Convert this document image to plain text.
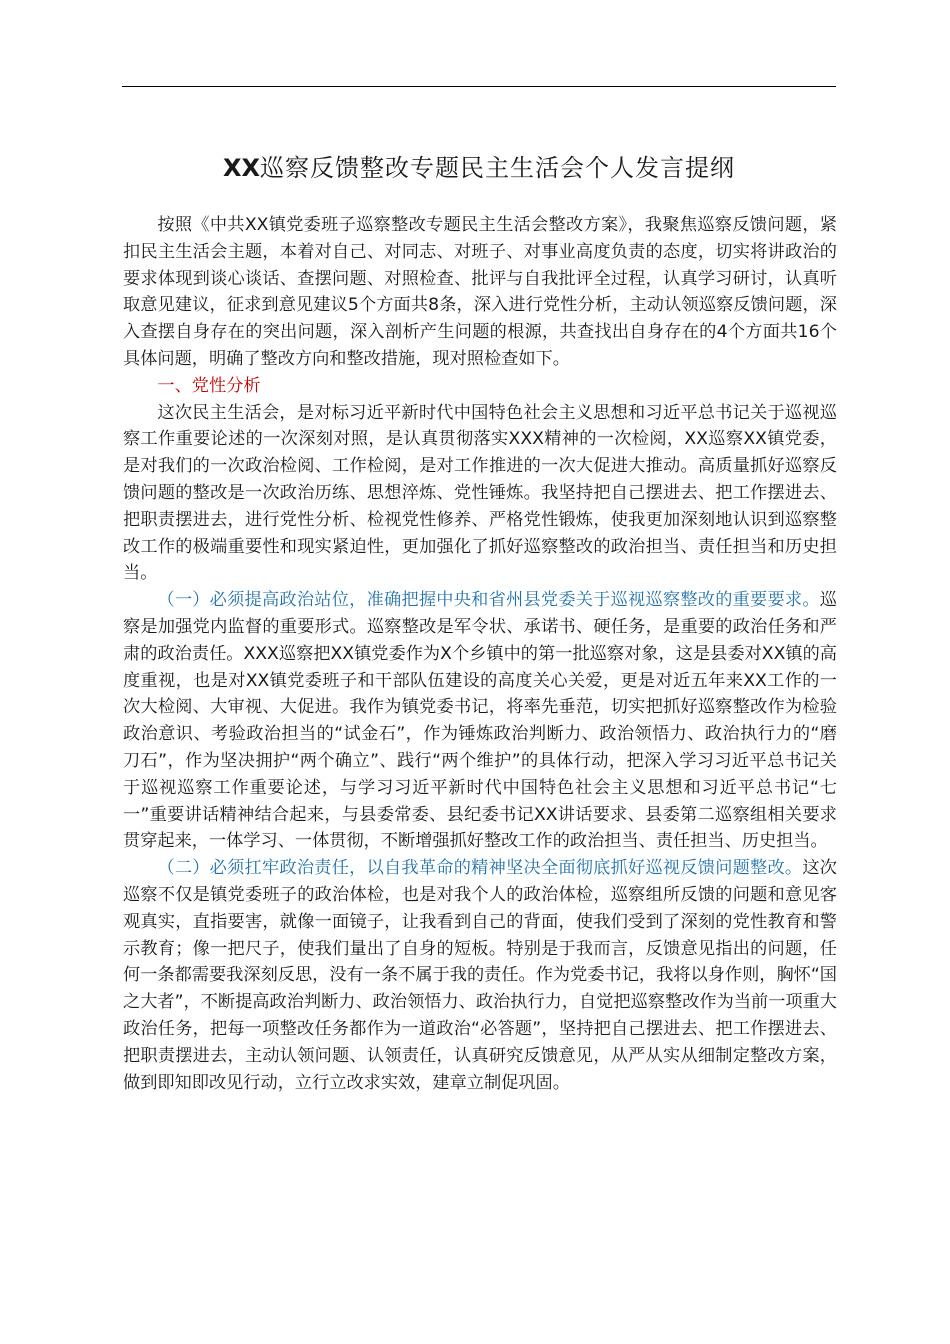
XX巡察反馈整改专题民主生活会个人发言提纲

按照《中共XX镇党委班子巡察整改专题民主生活会整改方案》，我聚焦巡察反馈问题，紧扣民主生活会主题，本着对自己、对同志、对班子、对事业高度负责的态度，切实将讲政治的要求体现到谈心谈话、查摆问题、对照检查、批评与自我批评全过程，认真学习研讨，认真听取意见建议，征求到意见建议5个方面共8条，深入进行党性分析，主动认领巡察反馈问题，深入查摆自身存在的突出问题，深入剖析产生问题的根源，共查找出自身存在的4个方面共16个具体问题，明确了整改方向和整改措施，现对照检查如下。

一、党性分析

这次民主生活会，是对标习近平新时代中国特色社会主义思想和习近平总书记关于巡视巡察工作重要论述的一次深刻对照，是认真贯彻落实XXX精神的一次检阅，XX巡察XX镇党委，是对我们的一次政治检阅、工作检阅，是对工作推进的一次大促进大推动。高质量抓好巡察反馈问题的整改是一次政治历练、思想淬炼、党性锤炼。我坚持把自己摆进去、把工作摆进去、把职责摆进去，进行党性分析、检视党性修养、严格党性锻炼，使我更加深刻地认识到巡察整改工作的极端重要性和现实紧迫性，更加强化了抓好巡察整改的政治担当、责任担当和历史担当。

（一）必须提高政治站位，准确把握中央和省州县党委关于巡视巡察整改的重要要求。巡察是加强党内监督的重要形式。巡察整改是军令状、承诺书、硬任务，是重要的政治任务和严肃的政治责任。XXX巡察把XX镇党委作为X个乡镇中的第一批巡察对象，这是县委对XX镇的高度重视，也是对XX镇党委班子和干部队伍建设的高度关心关爱，更是对近五年来XX工作的一次大检阅、大审视、大促进。我作为镇党委书记，将率先垂范，切实把抓好巡察整改作为检验政治意识、考验政治担当的“试金石”，作为锤炼政治判断力、政治领悟力、政治执行力的“磨刀石”，作为坚决拥护“两个确立”、践行“两个维护”的具体行动，把深入学习习近平总书记关于巡视巡察工作重要论述，与学习习近平新时代中国特色社会主义思想和习近平总书记“七一”重要讲话精神结合起来，与县委常委、县纪委书记XX讲话要求、县委第二巡察组相关要求贯穿起来，一体学习、一体贯彻，不断增强抓好整改工作的政治担当、责任担当、历史担当。

（二）必须扛牢政治责任，以自我革命的精神坚决全面彻底抓好巡视反馈问题整改。这次巡察不仅是镇党委班子的政治体检，也是对我个人的政治体检，巡察组所反馈的问题和意见客观真实，直指要害，就像一面镜子，让我看到自己的背面，使我们受到了深刻的党性教育和警示教育；像一把尺子，使我们量出了自身的短板。特别是于我而言，反馈意见指出的问题，任何一条都需要我深刻反思，没有一条不属于我的责任。作为党委书记，我将以身作则，胸怀“国之大者”，不断提高政治判断力、政治领悟力、政治执行力，自觉把巡察整改作为当前一项重大政治任务，把每一项整改任务都作为一道政治“必答题”，坚持把自己摆进去、把工作摆进去、把职责摆进去，主动认领问题、认领责任，认真研究反馈意见，从严从实从细制定整改方案，做到即知即改见行动，立行立改求实效，建章立制促巩固。
